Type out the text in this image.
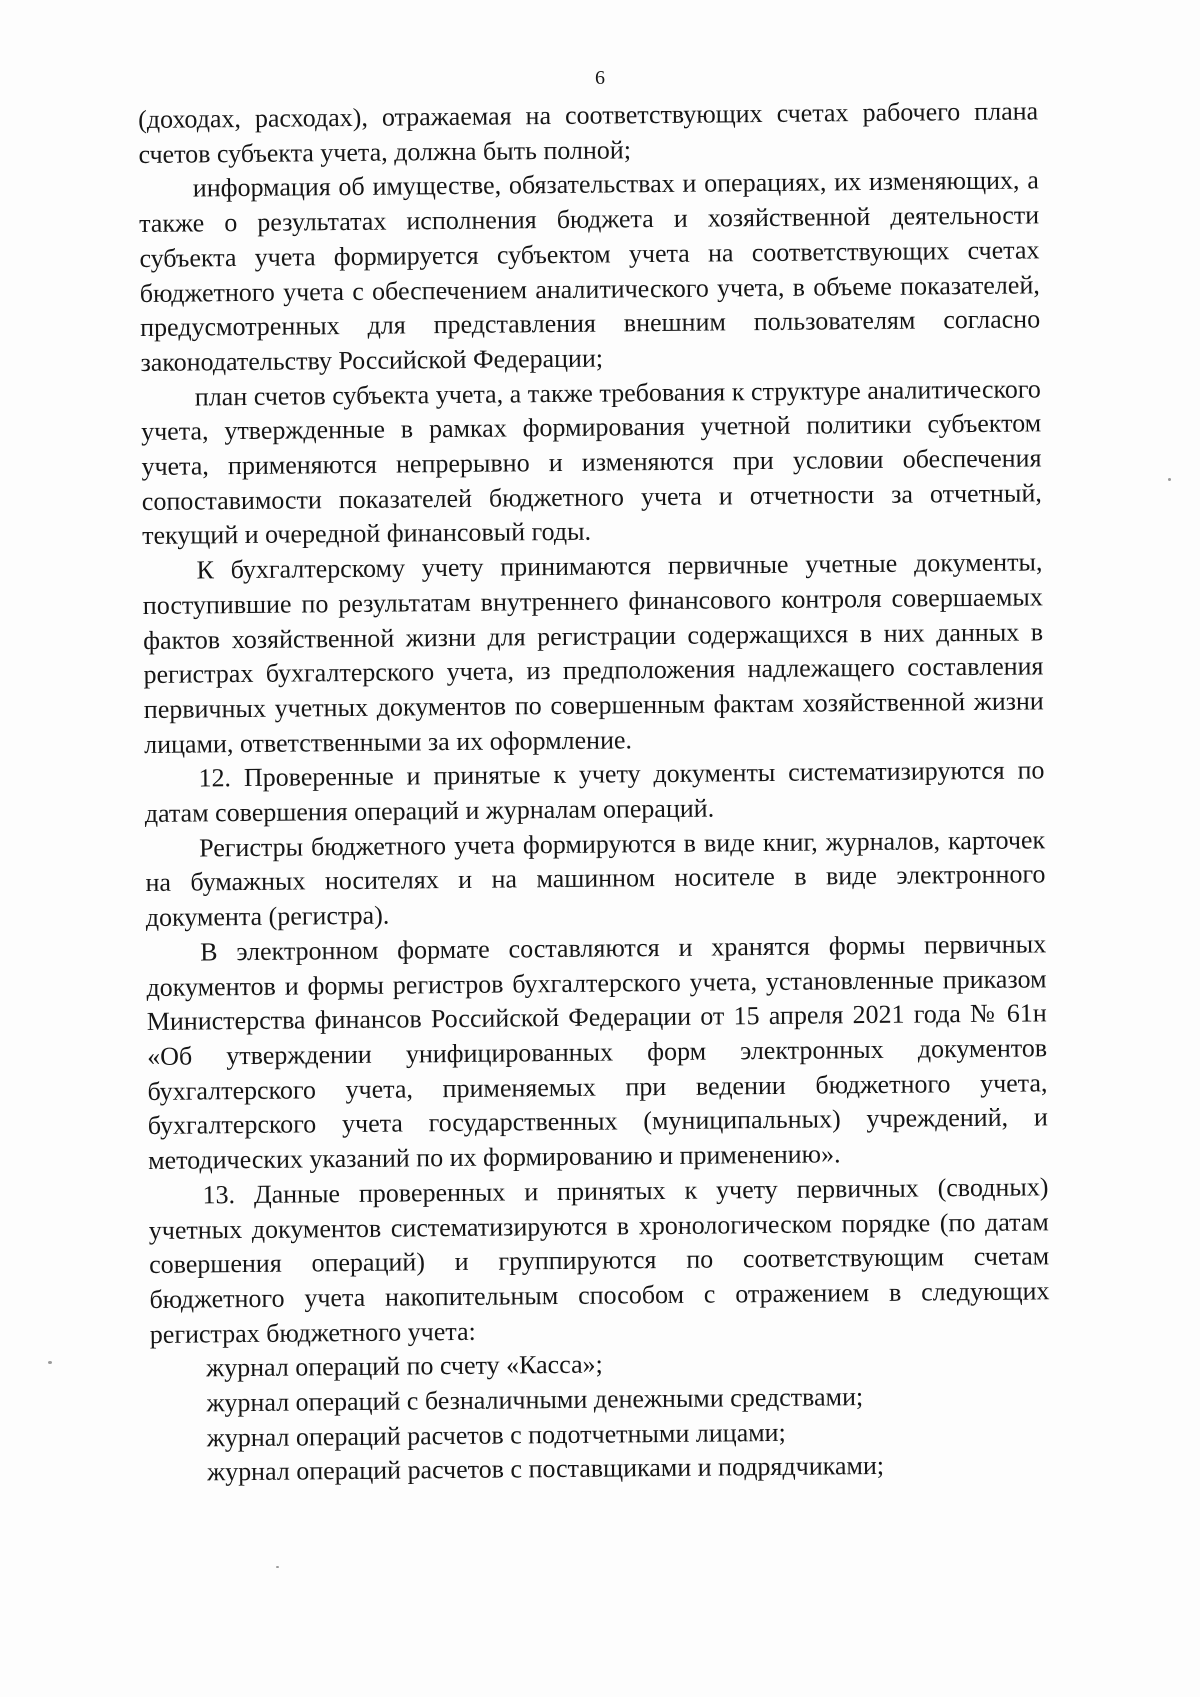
6

(доходах, расходах), отражаемая на соответствующих счетах рабочего плана счетов субъекта учета, должна быть полной;

информация об имуществе, обязательствах и операциях, их изменяющих, а также о результатах исполнения бюджета и хозяйственной деятельности субъекта учета формируется субъектом учета на соответствующих счетах бюджетного учета с обеспечением аналитического учета, в объеме показателей, предусмотренных для представления внешним пользователям согласно законодательству Российской Федерации;

план счетов субъекта учета, а также требования к структуре аналитического учета, утвержденные в рамках формирования учетной политики субъектом учета, применяются непрерывно и изменяются при условии обеспечения сопоставимости показателей бюджетного учета и отчетности за отчетный, текущий и очередной финансовый годы.

К бухгалтерскому учету принимаются первичные учетные документы, поступившие по результатам внутреннего финансового контроля совершаемых фактов хозяйственной жизни для регистрации содержащихся в них данных в регистрах бухгалтерского учета, из предположения надлежащего составления первичных учетных документов по совершенным фактам хозяйственной жизни лицами, ответственными за их оформление.

12. Проверенные и принятые к учету документы систематизируются по датам совершения операций и журналам операций.

Регистры бюджетного учета формируются в виде книг, журналов, карточек на бумажных носителях и на машинном носителе в виде электронного документа (регистра).

В электронном формате составляются и хранятся формы первичных документов и формы регистров бухгалтерского учета, установленные приказом Министерства финансов Российской Федерации от 15 апреля 2021 года № 61н «Об утверждении унифицированных форм электронных документов бухгалтерского учета, применяемых при ведении бюджетного учета, бухгалтерского учета государственных (муниципальных) учреждений, и методических указаний по их формированию и применению».

13. Данные проверенных и принятых к учету первичных (сводных) учетных документов систематизируются в хронологическом порядке (по датам совершения операций) и группируются по соответствующим счетам бюджетного учета накопительным способом с отражением в следующих регистрах бюджетного учета:

журнал операций по счету «Касса»;

журнал операций с безналичными денежными средствами;

журнал операций расчетов с подотчетными лицами;

журнал операций расчетов с поставщиками и подрядчиками;
